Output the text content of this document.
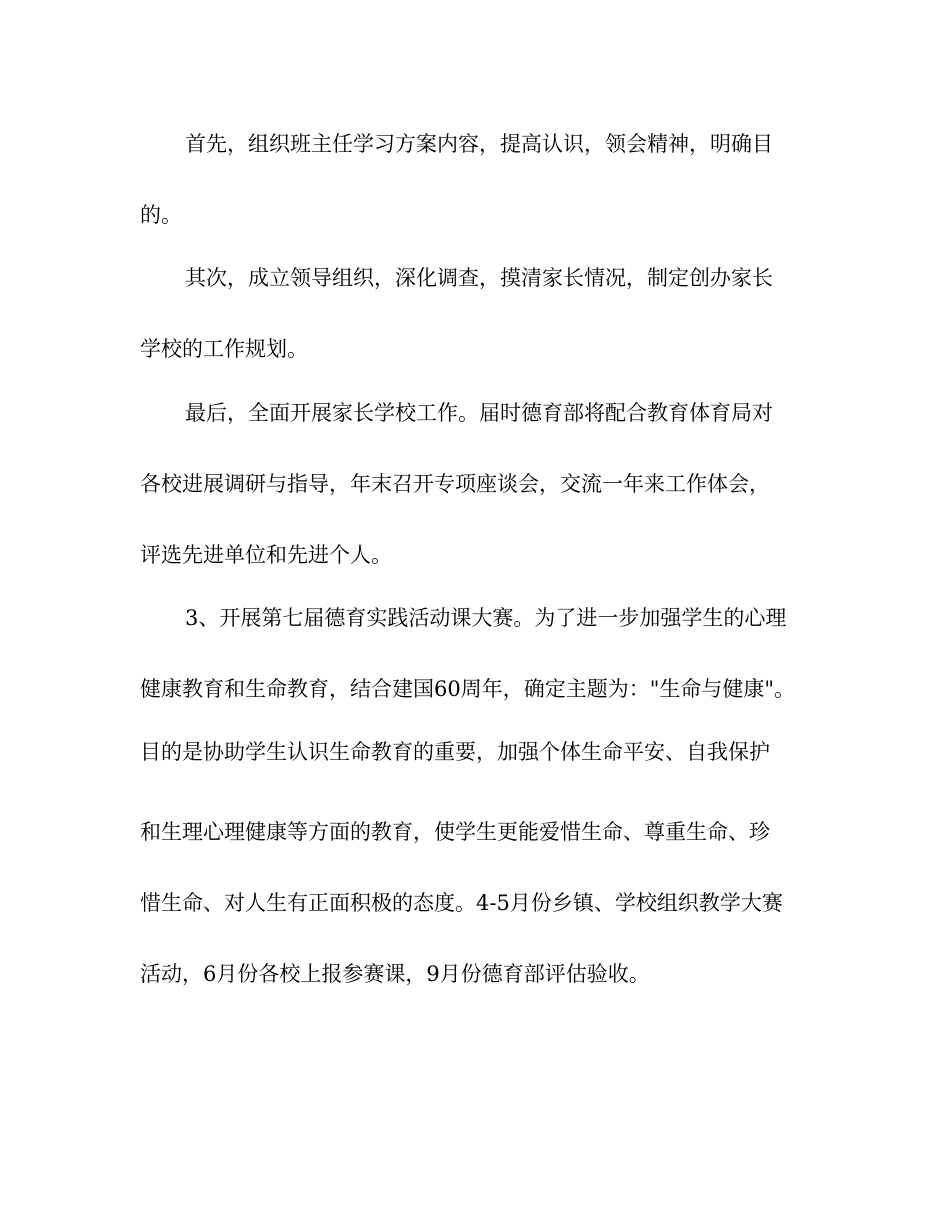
首先，组织班主任学习方案内容，提高认识，领会精神，明确目
的。
其次，成立领导组织，深化调查，摸清家长情况，制定创办家长
学校的工作规划。
最后，全面开展家长学校工作。届时德育部将配合教育体育局对
各校进展调研与指导，年末召开专项座谈会，交流一年来工作体会，
评选先进单位和先进个人。
3、开展第七届德育实践活动课大赛。为了进一步加强学生的心理
健康教育和生命教育，结合建国60周年，确定主题为："生命与健康"。
目的是协助学生认识生命教育的重要，加强个体生命平安、自我保护
和生理心理健康等方面的教育，使学生更能爱惜生命、尊重生命、珍
惜生命、对人生有正面积极的态度。4-5月份乡镇、学校组织教学大赛
活动，6月份各校上报参赛课，9月份德育部评估验收。
